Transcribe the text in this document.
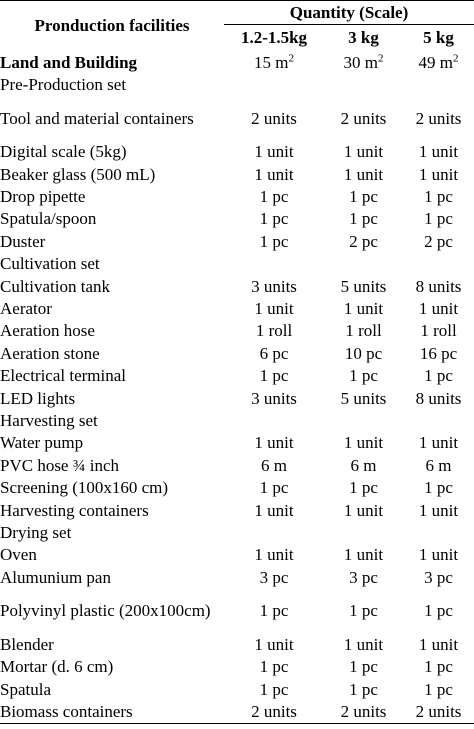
Pronduction facilities	Quantity (Scale)		
	1.2-1.5kg	3 kg	5 kg
Land and Building	15 $m^2$	30 $m^2$	49 $m^2$
Pre-Production set			
Tool and material containers	2 units	2 units	2 units
Digital scale (5kg)	1 unit	1 unit	1 unit
Beaker glass (500 mL)	1 unit	1 unit	1 unit
Drop pipette	1 pc	1 pc	1 pc
Spatula/spoon	1 pc	1 pc	1 pc
Duster	1 pc	2 pc	2 pc
Cultivation set			
Cultivation tank	3 units	5 units	8 units
Aerator	1 unit	1 unit	1 unit
Aeration hose	1 roll	1 roll	1 roll
Aeration stone	6 pc	10 pc	16 pc
Electrical terminal	1 pc	1 pc	1 pc
LED lights	3 units	5 units	8 units
Harvesting set			
Water pump	1 unit	1 unit	1 unit
PVC hose ¾ inch	6 m	6 m	6 m
Screening (100x160 cm)	1 pc	1 pc	1 pc
Harvesting containers	1 unit	1 unit	1 unit
Drying set			
Oven	1 unit	1 unit	1 unit
Alumunium pan	3 pc	3 pc	3 pc
Polyvinyl plastic (200x100cm)	1 pc	1 pc	1 pc
Blender	1 unit	1 unit	1 unit
Mortar (d. 6 cm)	1 pc	1 pc	1 pc
Spatula	1 pc	1 pc	1 pc
Biomass containers	2 units	2 units	2 units
